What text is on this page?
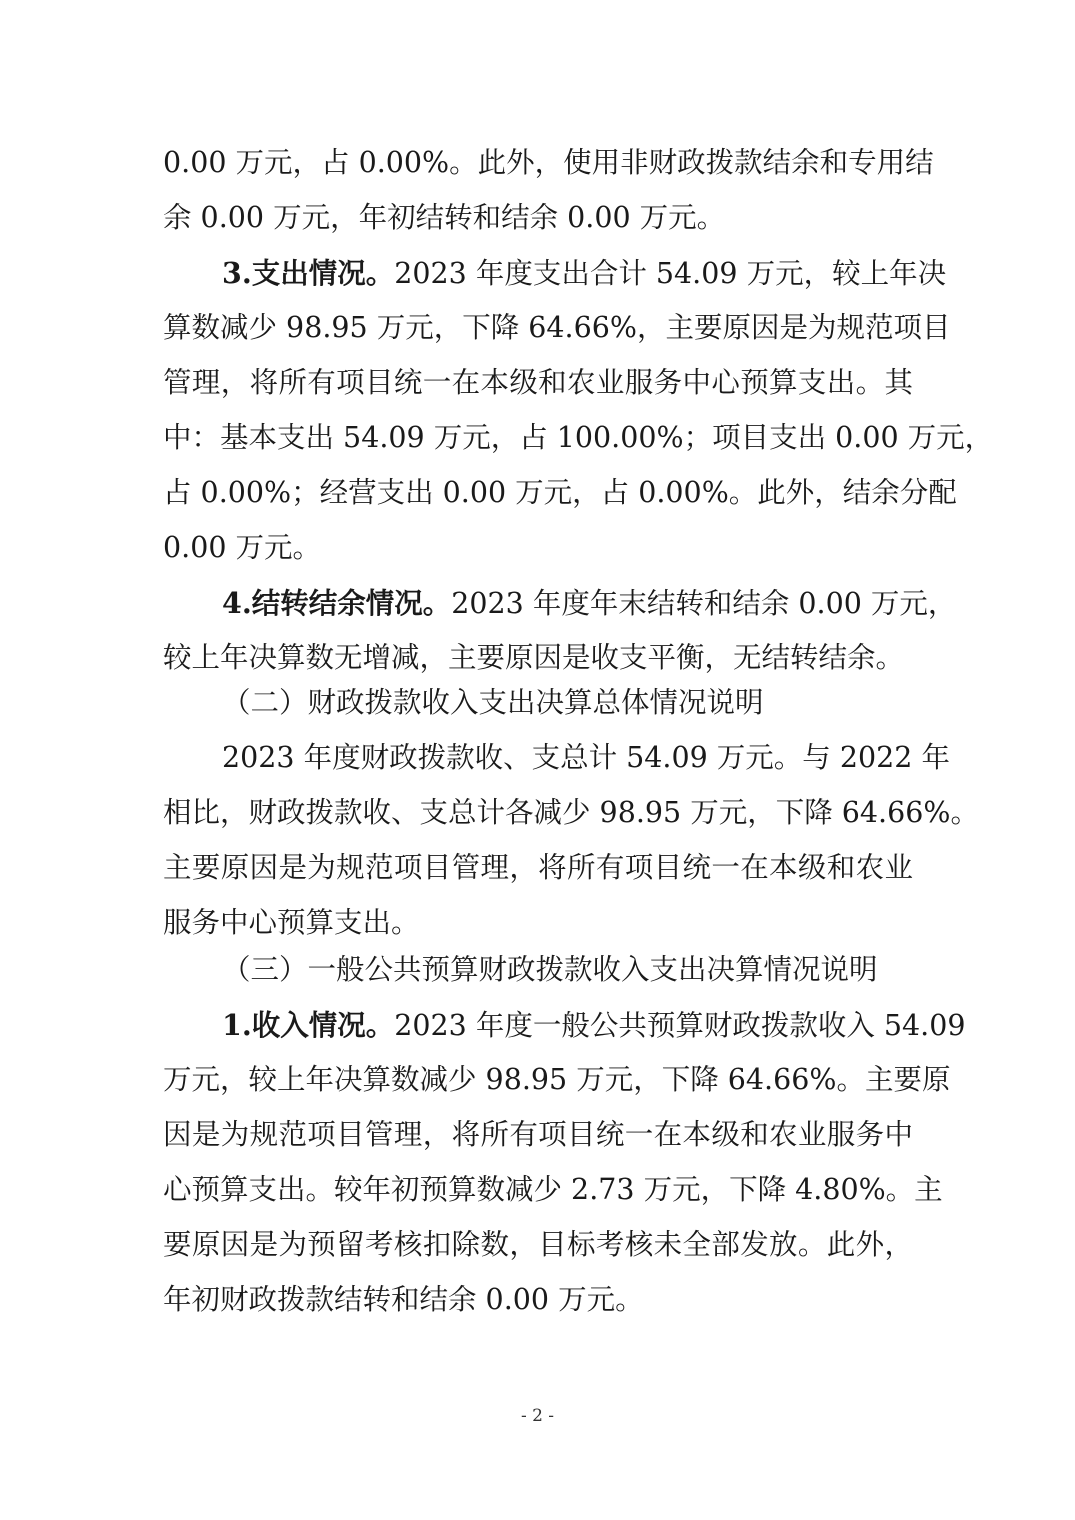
0.00 万元，占 0.00%。此外，使用非财政拨款结余和专用结
余 0.00 万元，年初结转和结余 0.00 万元。
3.支出情况。2023 年度支出合计 54.09 万元，较上年决
算数减少 98.95 万元，下降 64.66%，主要原因是为规范项目
管理，将所有项目统一在本级和农业服务中心预算支出。其
中：基本支出 54.09 万元，占 100.00%；项目支出 0.00 万元，
占 0.00%；经营支出 0.00 万元，占 0.00%。此外，结余分配
0.00 万元。
4.结转结余情况。2023 年度年末结转和结余 0.00 万元，
较上年决算数无增减，主要原因是收支平衡，无结转结余。
（二）财政拨款收入支出决算总体情况说明
2023 年度财政拨款收、支总计 54.09 万元。与 2022 年
相比，财政拨款收、支总计各减少 98.95 万元，下降 64.66%。
主要原因是为规范项目管理，将所有项目统一在本级和农业
服务中心预算支出。
（三）一般公共预算财政拨款收入支出决算情况说明
1.收入情况。2023 年度一般公共预算财政拨款收入 54.09
万元，较上年决算数减少 98.95 万元，下降 64.66%。主要原
因是为规范项目管理，将所有项目统一在本级和农业服务中
心预算支出。较年初预算数减少 2.73 万元，下降 4.80%。主
要原因是为预留考核扣除数，目标考核未全部发放。此外，
年初财政拨款结转和结余 0.00 万元。
- 2 -
